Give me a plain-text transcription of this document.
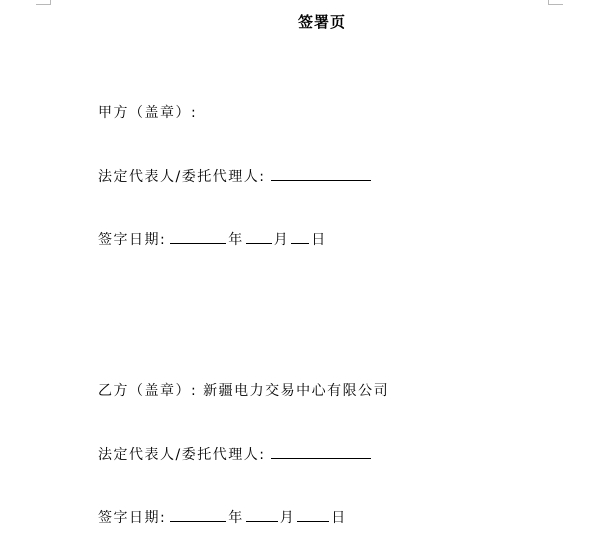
签署页
甲方（盖章）:
法定代表人/委托代理人:
签字日期:	年 月 日
乙方（盖章）: 新疆电力交易中心有限公司
法定代表人/委托代理人:
签字日期:	年	月	日
